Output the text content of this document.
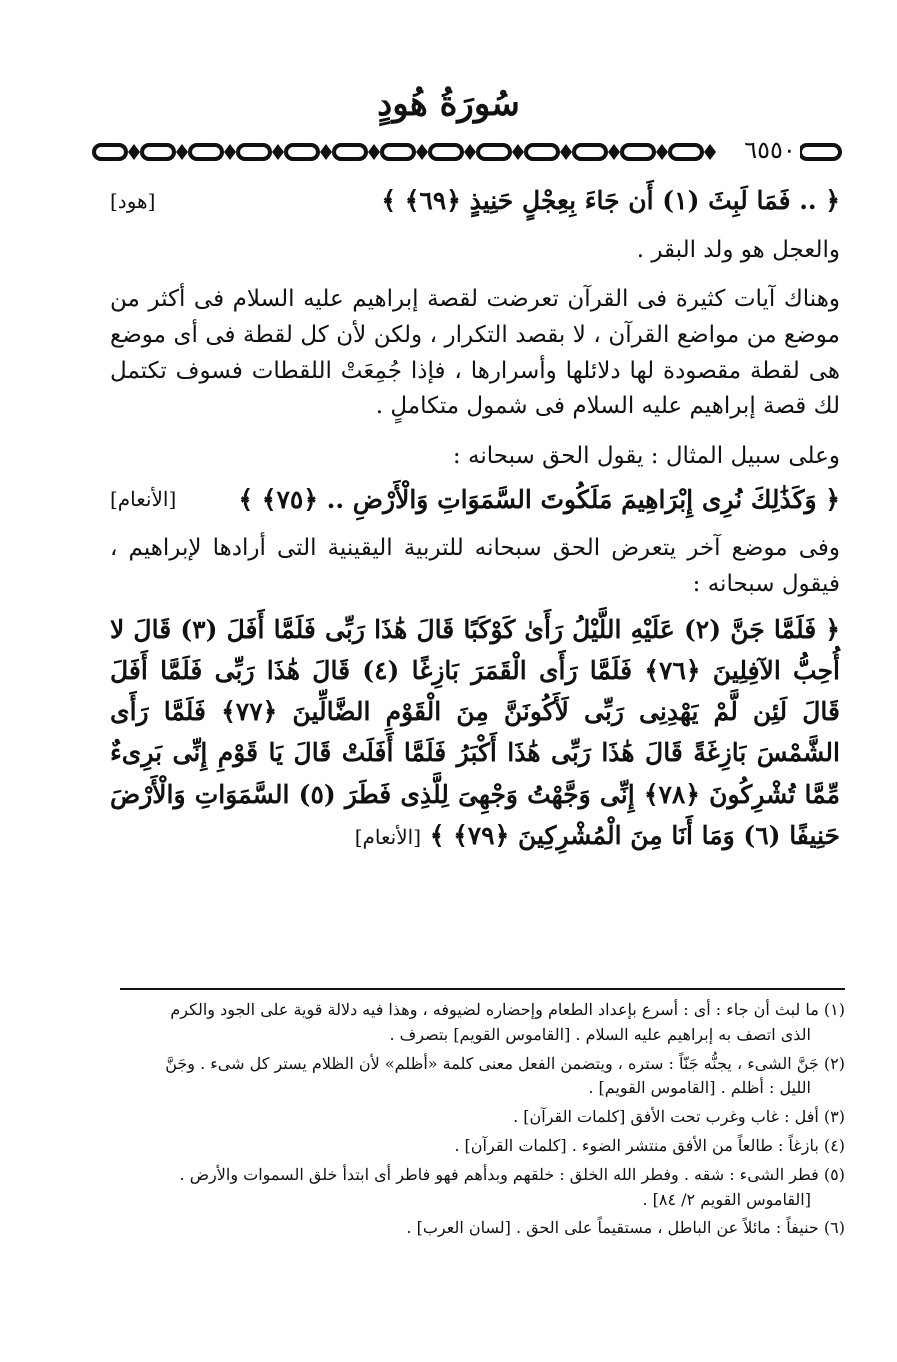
سُورَةُ هُودٍ
٦٥٥٠
﴿ .. فَمَا لَبِثَ (١) أَن جَاءَ بِعِجْلٍ حَنِيذٍ ﴿٦٩﴾ ﴾
[هود]

والعجل هو ولد البقر .

وهناك آيات كثيرة فى القرآن تعرضت لقصة إبراهيم عليه السلام فى أكثر من موضع من مواضع القرآن ، لا بقصد التكرار ، ولكن لأن كل لقطة فى أى موضع هى لقطة مقصودة لها دلائلها وأسرارها ، فإذا جُمِعَتْ اللقطات فسوف تكتمل لك قصة إبراهيم عليه السلام فى شمول متكاملٍ .

وعلى سبيل المثال : يقول الحق سبحانه :

﴿ وَكَذَٰلِكَ نُرِى إِبْرَاهِيمَ مَلَكُوتَ السَّمَوَاتِ وَالْأَرْضِ .. ﴿٧٥﴾ ﴾
[الأنعام]

وفى موضع آخر يتعرض الحق سبحانه للتربية اليقينية التى أرادها لإبراهيم ، فيقول سبحانه :

﴿ فَلَمَّا جَنَّ (٢) عَلَيْهِ اللَّيْلُ رَأَىٰ كَوْكَبًا قَالَ هَٰذَا رَبِّى فَلَمَّا أَفَلَ (٣) قَالَ لا أُحِبُّ الآفِلِينَ ﴿٧٦﴾ فَلَمَّا رَأَى الْقَمَرَ بَازِغًا (٤) قَالَ هَٰذَا رَبِّى فَلَمَّا أَفَلَ قَالَ لَئِن لَّمْ يَهْدِنِى رَبِّى لَأَكُونَنَّ مِنَ الْقَوْمِ الضَّالِّينَ ﴿٧٧﴾ فَلَمَّا رَأَى الشَّمْسَ بَازِغَةً قَالَ هَٰذَا رَبِّى هَٰذَا أَكْبَرُ فَلَمَّا أَفَلَتْ قَالَ يَا قَوْمِ إِنِّى بَرِىءٌ مِّمَّا تُشْرِكُونَ ﴿٧٨﴾ إِنِّى وَجَّهْتُ وَجْهِىَ لِلَّذِى فَطَرَ (٥) السَّمَوَاتِ وَالْأَرْضَ حَنِيفًا (٦) وَمَا أَنَا مِنَ الْمُشْرِكِينَ ﴿٧٩﴾ ﴾ [الأنعام]
(١) ما لبث أن جاء : أى : أسرع بإعداد الطعام وإحضاره لضيوفه ، وهذا فيه دلالة قوية على الجود والكرم
الذى اتصف به إبراهيم عليه السلام . [القاموس القويم] بتصرف .
(٢) جَنَّ الشىء ، يجنُّه جَنّاً : ستره ، ويتضمن الفعل معنى كلمة «أظلم» لأن الظلام يستر كل شىء . وجَنَّ
الليل : أظلم . [القاموس القويم] .
(٣) أفل : غاب وغرب تحت الأفق [كلمات القرآن] .
(٤) بازغاً : طالعاً من الأفق منتشر الضوء . [كلمات القرآن] .
(٥) فطر الشىء : شقه . وفطر الله الخلق : خلقهم وبدأهم فهو فاطر أى ابتدأ خلق السموات والأرض .
[القاموس القويم ٢/ ٨٤] .
(٦) حنيفاً : مائلاً عن الباطل ، مستقيماً على الحق . [لسان العرب] .
